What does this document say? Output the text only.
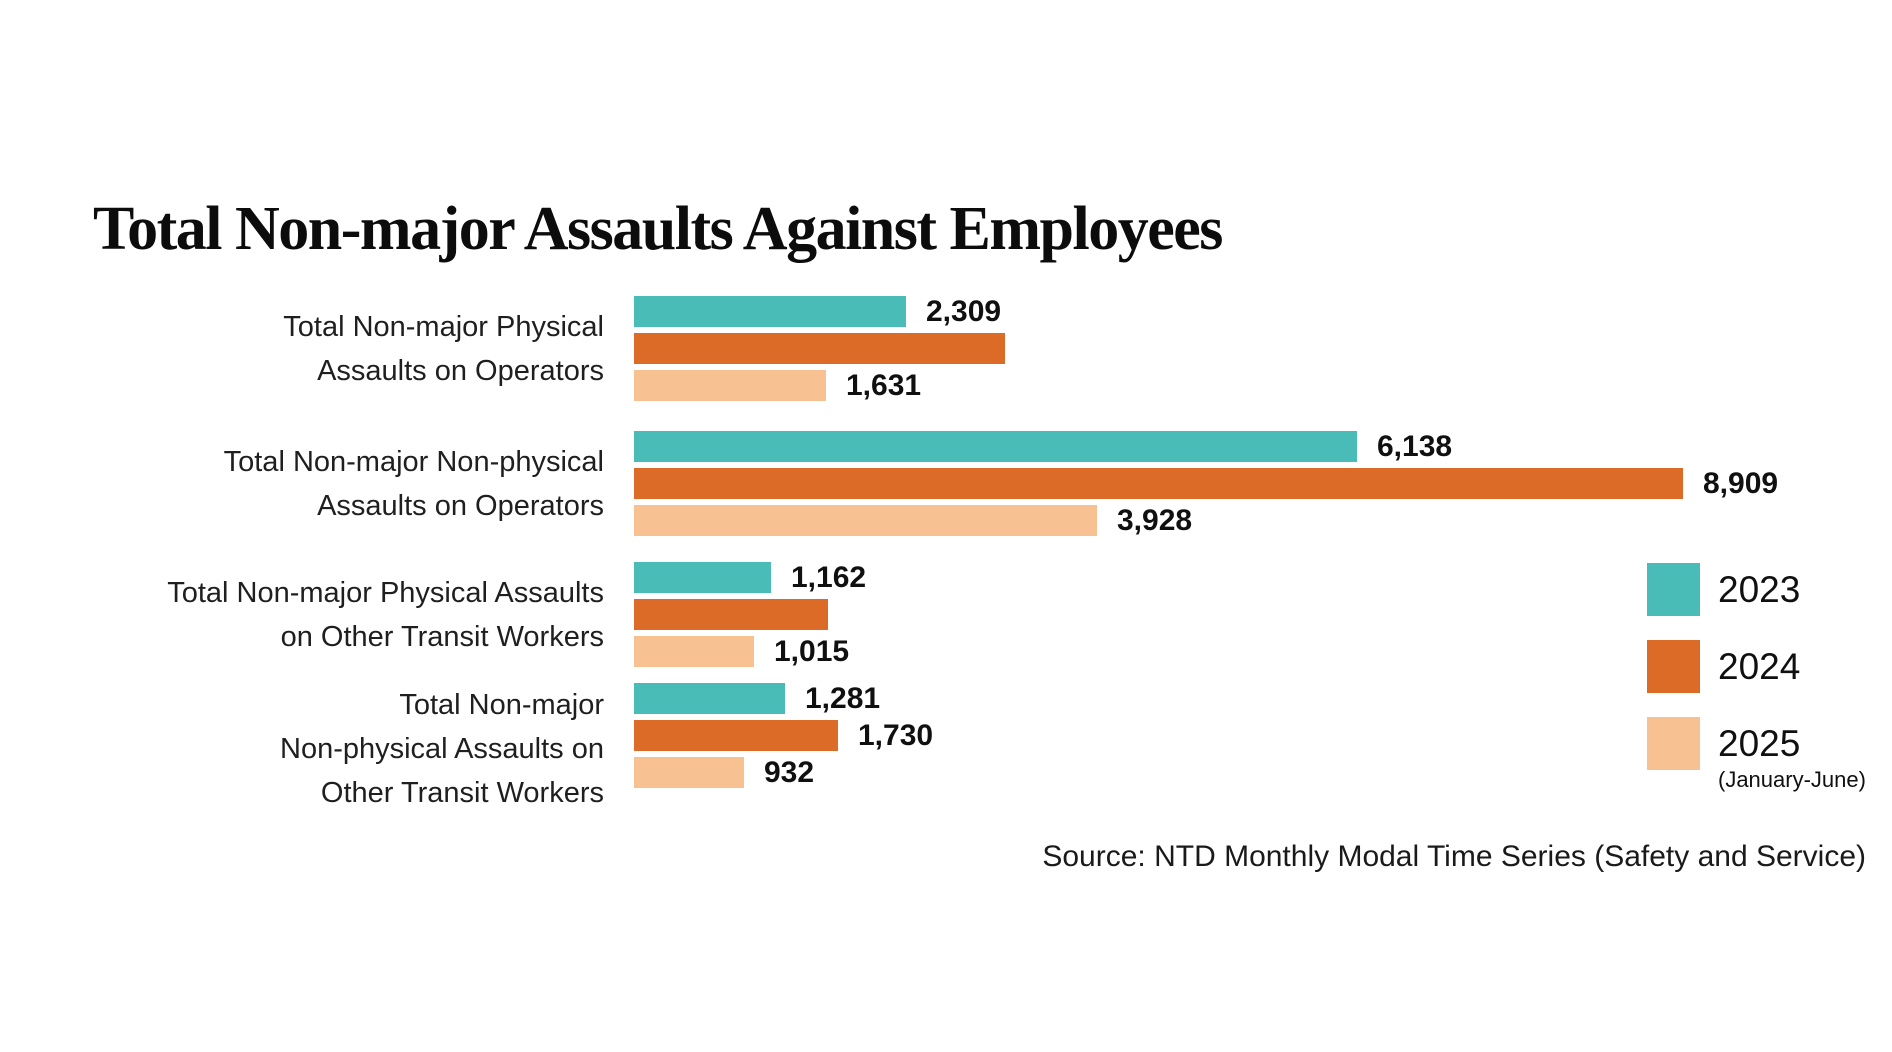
Total Non-major Assaults Against Employees
Total Non-major Physical
Assaults on Operators
2,309
1,631
Total Non-major Non-physical
Assaults on Operators
6,138
8,909
3,928
Total Non-major Physical Assaults
on Other Transit Workers
1,162
1,015
Total Non-major
Non-physical Assaults on
Other Transit Workers
1,281
1,730
932
2023
2024
2025
(January-June)
Source: NTD Monthly Modal Time Series (Safety and Service)
